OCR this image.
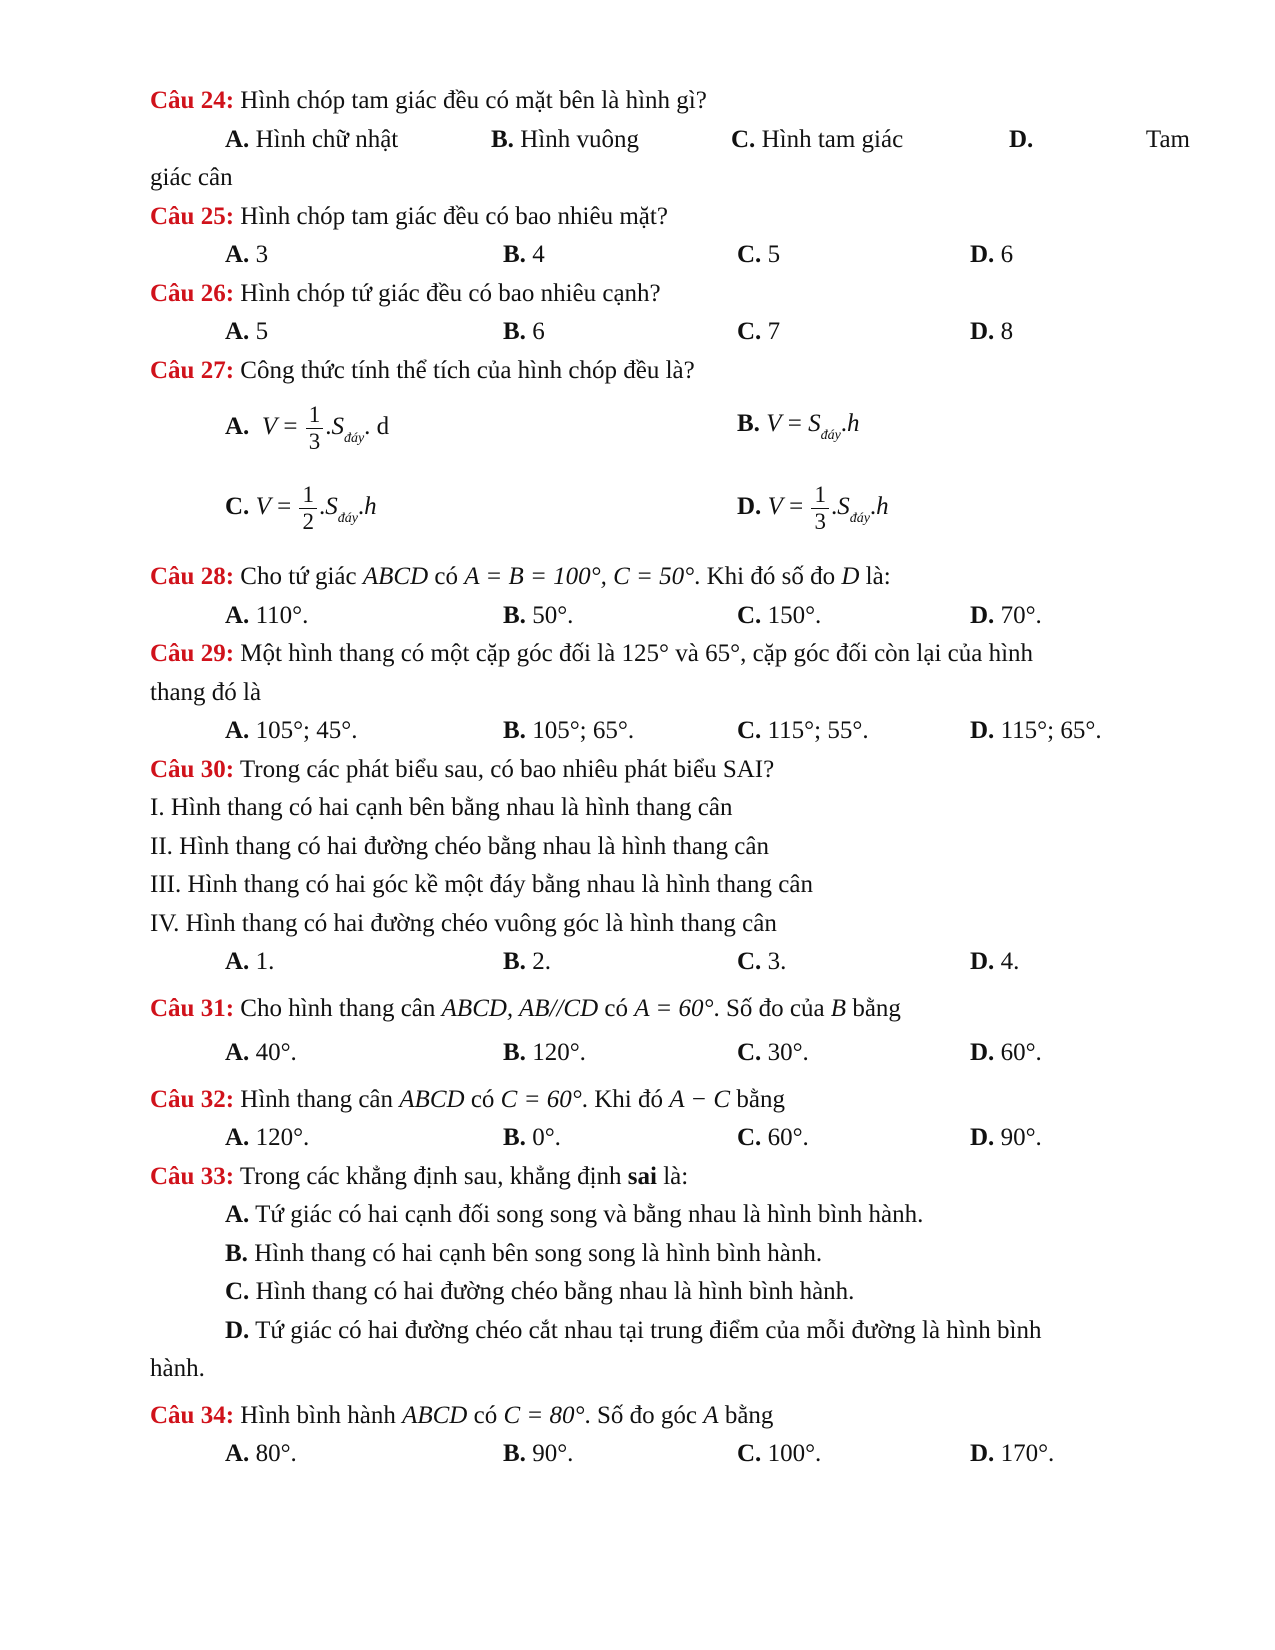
Câu 24: Hình chóp tam giác đều có mặt bên là hình gì?

A. Hình chữ nhật	B. Hình vuông	C. Hình tam giác	D.	Tam

giác cân

Câu 25: Hình chóp tam giác đều có bao nhiêu mặt?

A. 3	B. 4	C. 5	D. 6

Câu 26: Hình chóp tứ giác đều có bao nhiêu cạnh?

A. 5	B. 6	C. 7	D. 8

Câu 27: Công thức tính thể tích của hình chóp đều là?

A. $V = \frac{1}{3} .S_{đáy}$. d	B. $V = S_{đáy}.h$
C. $V = \frac{1}{2} .S_{đáy}.h$	D. $V = \frac{1}{3} .S_{đáy}.h$

Câu 28: Cho tứ giác ABCD có A = B = 100°, C = 50°. Khi đó số đo D là:

A. 110°.	B. 50°.	C. 150°.	D. 70°.

Câu 29: Một hình thang có một cặp góc đối là 125° và 65°, cặp góc đối còn lại của hình

thang đó là

A. 105°; 45°.	B. 105°; 65°.	C. 115°; 55°.	D. 115°; 65°.

Câu 30: Trong các phát biểu sau, có bao nhiêu phát biểu SAI?

I. Hình thang có hai cạnh bên bằng nhau là hình thang cân

II. Hình thang có hai đường chéo bằng nhau là hình thang cân

III. Hình thang có hai góc kề một đáy bằng nhau là hình thang cân

IV. Hình thang có hai đường chéo vuông góc là hình thang cân

A. 1.	B. 2.	C. 3.	D. 4.

Câu 31: Cho hình thang cân ABCD, AB//CD có A = 60°. Số đo của B bằng

A. 40°.	B. 120°.	C. 30°.	D. 60°.

Câu 32: Hình thang cân ABCD có C = 60°. Khi đó A − C bằng

A. 120°.	B. 0°.	C. 60°.	D. 90°.

Câu 33: Trong các khẳng định sau, khẳng định sai là:

A. Tứ giác có hai cạnh đối song song và bằng nhau là hình bình hành.

B. Hình thang có hai cạnh bên song song là hình bình hành.

C. Hình thang có hai đường chéo bằng nhau là hình bình hành.

D. Tứ giác có hai đường chéo cắt nhau tại trung điểm của mỗi đường là hình bình

hành.

Câu 34: Hình bình hành ABCD có C = 80°. Số đo góc A bằng

A. 80°.	B. 90°.	C. 100°.	D. 170°.
